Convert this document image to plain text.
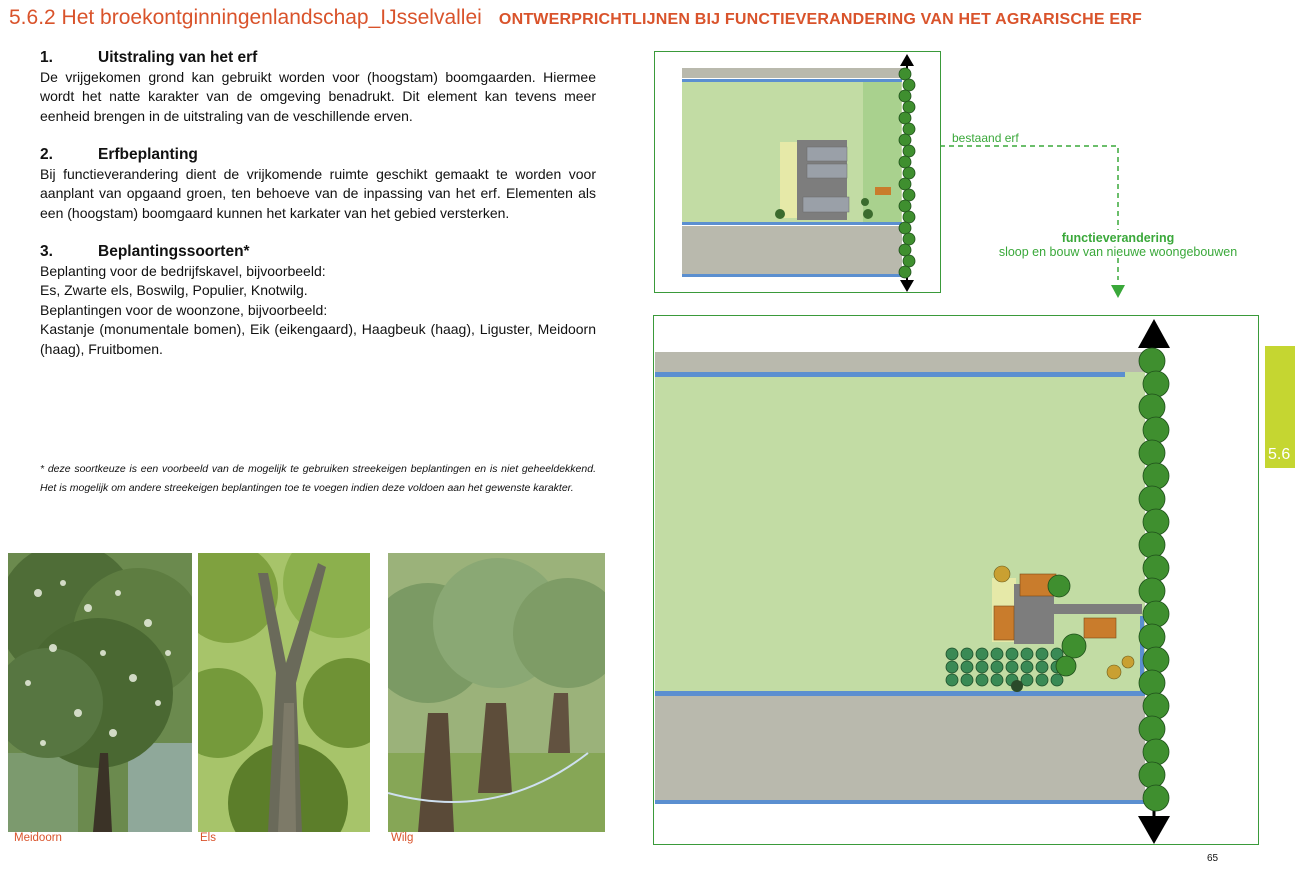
5.6.2 Het broekontginningenlandschap_IJsselvallei ONTWERPRICHTLIJNEN BIJ FUNCTIEVERANDERING VAN HET AGRARISCHE ERF
1.	Uitstraling van het erf

De vrijgekomen grond kan gebruikt worden voor (hoogstam) boomgaarden. Hiermee wordt het natte karakter van de omgeving benadrukt. Dit element kan tevens meer eenheid brengen in de uitstraling van de veschillende erven.

2.	Erfbeplanting

Bij functieverandering dient de vrijkomende ruimte geschikt gemaakt te worden voor aanplant van opgaand groen, ten behoeve van de inpassing van het erf. Elementen als een (hoogstam) boomgaard kunnen het karkater van het gebied versterken.

3.	Beplantingssoorten*

Beplanting voor de bedrijfskavel, bijvoorbeeld:

Es, Zwarte els, Boswilg, Populier, Knotwilg.

Beplantingen voor de woonzone, bijvoorbeeld:

Kastanje (monumentale bomen), Eik (eikengaard), Haagbeuk (haag), Liguster, Meidoorn (haag), Fruitbomen.

* deze soortkeuze is een voorbeeld van de mogelijk te gebruiken streekeigen beplantingen en is niet geheeldekkend. Het is mogelijk om andere streekeigen beplantingen toe te voegen indien deze voldoen aan het gewenste karakter.
Meidoorn	Els	Wilg
bestaand erf
functieverandering
sloop en bouw van nieuwe woongebouwen
5.6
65
